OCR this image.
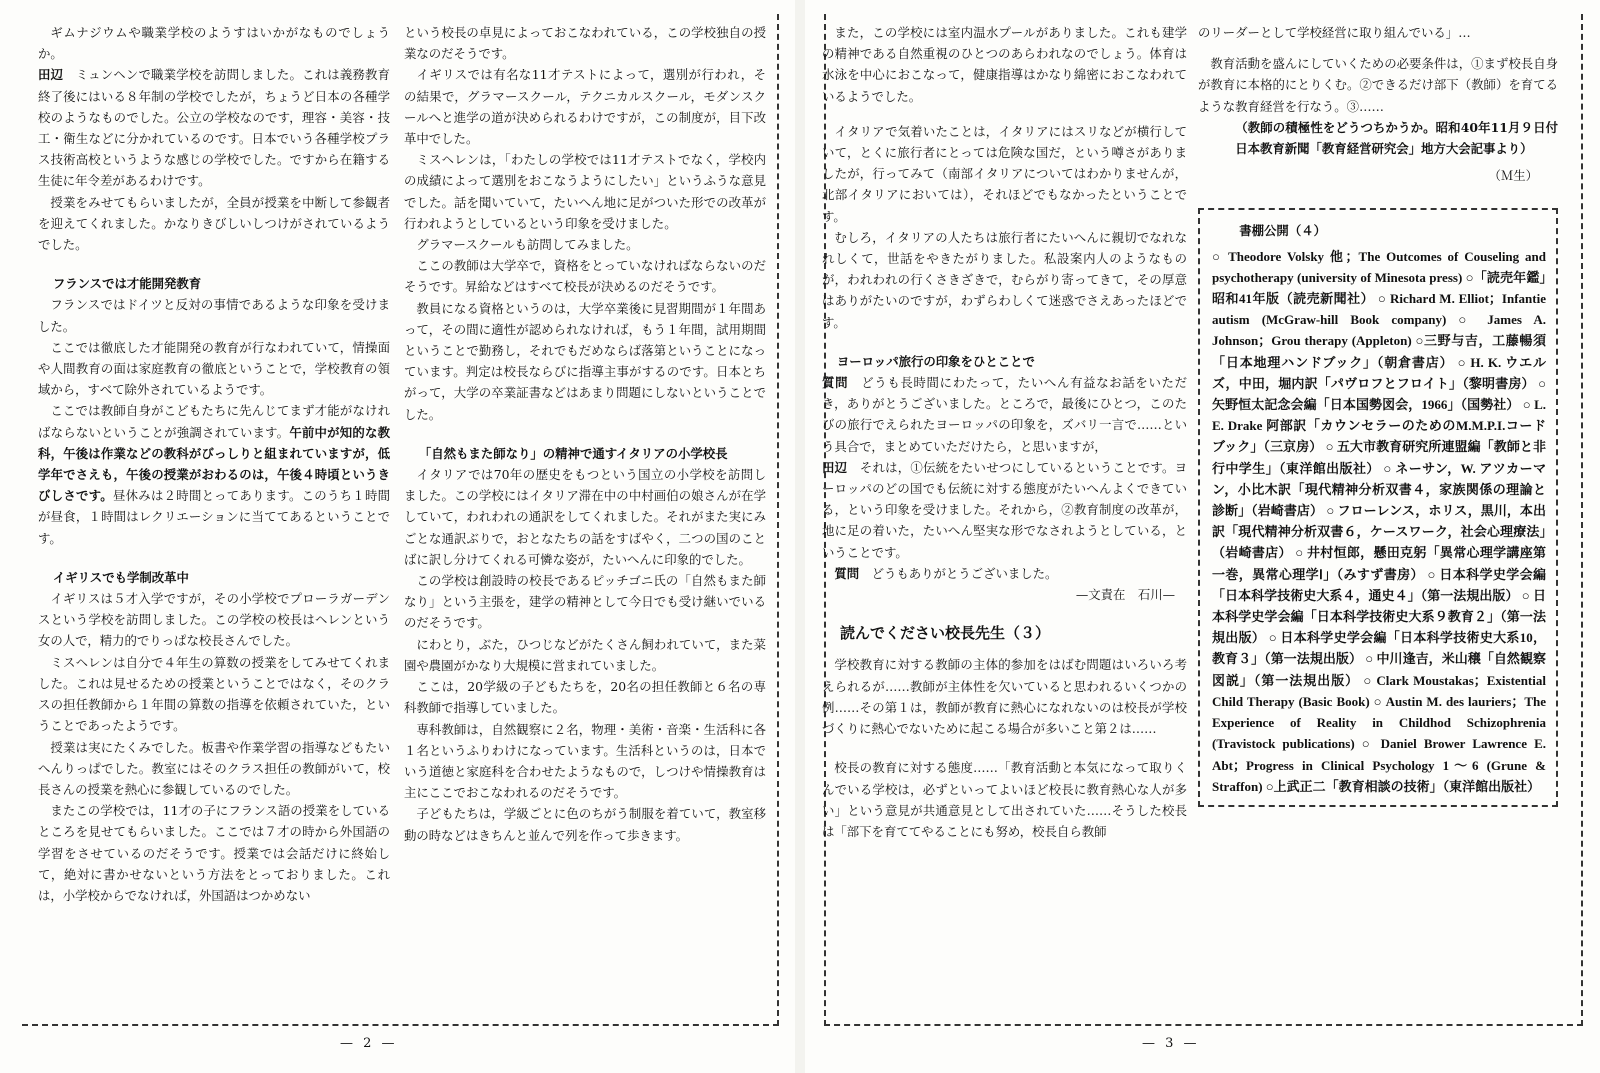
ギムナジウムや職業学校のようすはいかがなものでしょうか。

田辺　 ミュンヘンで職業学校を訪問しました。これは義務教育終了後にはいる８年制の学校でしたが，ちょうど日本の各種学校のようなものでした。公立の学校なのです，理容・美容・技工・衛生などに分かれているのです。日本でいう各種学校プラス技術高校というような感じの学校でした。ですから在籍する生徒に年令差があるわけです。

授業をみせてもらいましたが，全員が授業を中断して参観者を迎えてくれました。かなりきびしいしつけがされているようでした。

フランスでは才能開発教育

フランスではドイツと反対の事情であるような印象を受けました。

ここでは徹底した才能開発の教育が行なわれていて，情操面や人間教育の面は家庭教育の徹底ということで，学校教育の領域から，すべて除外されているようです。

ここでは教師自身がこどもたちに先んじてまず才能がなければならないということが強調されています。午前中が知的な教科，午後は作業などの教科がびっしりと組まれていますが，低学年でさえも，午後の授業がおわるのは，午後４時頃というきびしさです。昼休みは２時間とってあります。このうち１時間が昼食，１時間はレクリエーションに当ててあるということです。

イギリスでも学制改革中

イギリスは５才入学ですが，その小学校でプローラガーデンスという学校を訪問しました。この学校の校長はヘレンという女の人で，精力的でりっぱな校長さんでした。

ミスヘレンは自分で４年生の算数の授業をしてみせてくれました。これは見せるための授業ということではなく，そのクラスの担任教師から１年間の算数の指導を依頼されていた，ということであったようです。

授業は実にたくみでした。板書や作業学習の指導などもたいへんりっぱでした。教室にはそのクラス担任の教師がいて，校長さんの授業を熱心に参観しているのでした。

またこの学校では，11才の子にフランス語の授業をしているところを見せてもらいました。ここでは７才の時から外国語の学習をさせているのだそうです。授業では会話だけに終始して，絶対に書かせないという方法をとっておりました。これは，小学校からでなければ，外国語はつかめない

という校長の卓見によっておこなわれている，この学校独自の授業なのだそうです。

イギリスでは有名な11才テストによって，選別が行われ，その結果で，グラマースクール，テクニカルスクール，モダンスクールへと進学の道が決められるわけですが，この制度が，目下改革中でした。

ミスヘレンは，「わたしの学校では11才テストでなく，学校内の成績によって選別をおこなうようにしたい」というふうな意見でした。話を聞いていて，たいへん地に足がついた形での改革が行われようとしているという印象を受けました。

グラマースクールも訪問してみました。

ここの教師は大学卒で，資格をとっていなければならないのだそうです。昇給などはすべて校長が決めるのだそうです。

教員になる資格というのは，大学卒業後に見習期間が１年間あって，その間に適性が認められなければ，もう１年間，試用期間ということで勤務し，それでもだめならば落第ということになっています。判定は校長ならびに指導主事がするのです。日本とちがって，大学の卒業証書などはあまり問題にしないということでした。

「自然もまた師なり」の精神で通すイタリアの小学校長

イタリアでは70年の歴史をもつという国立の小学校を訪問しました。この学校にはイタリア滞在中の中村画伯の娘さんが在学していて，われわれの通訳をしてくれました。それがまた実にみごとな通訳ぶりで，おとなたちの話をすばやく，二つの国のことばに訳し分けてくれる可憐な姿が，たいへんに印象的でした。

この学校は創設時の校長であるピッチゴニ氏の「自然もまた師なり」という主張を，建学の精神として今日でも受け継いでいるのだそうです。

にわとり，ぶた，ひつじなどがたくさん飼われていて，また菜園や農園がかなり大規模に営まれていました。

ここは，20学級の子どもたちを，20名の担任教師と６名の専科教師で指導していました。

専科教師は，自然観察に２名，物理・美術・音楽・生活科に各１名というふりわけになっています。生活科というのは，日本でいう道徳と家庭科を合わせたようなもので，しつけや情操教育は主にここでおこなわれるのだそうです。

子どもたちは，学級ごとに色のちがう制服を着ていて，教室移動の時などはきちんと並んで列を作って歩きます。

— 2 —

また，この学校には室内温水プールがありました。これも建学の精神である自然重視のひとつのあらわれなのでしょう。体育は水泳を中心におこなって，健康指導はかなり綿密におこなわれているようでした。

イタリアで気着いたことは，イタリアにはスリなどが横行していて，とくに旅行者にとっては危険な国だ，という噂さがありましたが，行ってみて（南部イタリアについてはわかりませんが，北部イタリアにおいては），それほどでもなかったということです。

むしろ，イタリアの人たちは旅行者にたいへんに親切でなれなれしくて，世話をやきたがりました。私設案内人のようなものが，われわれの行くさきざきで，むらがり寄ってきて，その厚意はありがたいのですが，わずらわしくて迷惑でさえあったほどです。

ヨーロッパ旅行の印象をひとことで

質問　 どうも長時間にわたって，たいへん有益なお話をいただき，ありがとうございました。ところで，最後にひとつ，このたびの旅行でえられたヨーロッパの印象を，ズバリ一言で……という具合で，まとめていただけたら，と思いますが，

田辺　 それは，①伝統をたいせつにしているということです。ヨーロッパのどの国でも伝統に対する態度がたいへんよくできている，という印象を受けました。それから，②教育制度の改革が，地に足の着いた，たいへん堅実な形でなされようとしている，ということです。

質問　 どうもありがとうございました。

—文責在　石川—

読んでください校長先生（３）

学校教育に対する教師の主体的参加をはばむ問題はいろいろ考えられるが……教師が主体性を欠いていると思われるいくつかの例……その第１は，教師が教育に熱心になれないのは校長が学校づくりに熱心でないために起こる場合が多いこと第２は……

校長の教育に対する態度……「教育活動と本気になって取りくんでいる学校は，必ずといってよいほど校長に教育熱心な人が多い」という意見が共通意見として出されていた……そうした校長は「部下を育ててやることにも努め，校長自ら教師

のリーダーとして学校経営に取り組んでいる」…

教育活動を盛んにしていくための必要条件は，①まず校長自身が教育に本格的にとりくむ。②できるだけ部下（教師）を育てるような教育経営を行なう。③……

（教師の積極性をどうつちかうか。昭和40年11月９日付日本教育新聞「教育経営研究会」地方大会記事より）

（Ｍ生）

書棚公開（４）

○ Theodore Volsky 他；The Outcomes of Couseling and psychotherapy (university of Minesota press) ○「読売年鑑」昭和41年版（読売新聞社） ○ Richard M. Elliot；Infantie autism (McGraw-hill Book company) ○ James A. Johnson；Grou therapy (Appleton) ○三野与吉，工藤暢須「日本地理ハンドブック」（朝倉書店） ○ H. K. ウエルズ，中田，堀内訳「パヴロフとフロイト」（黎明書房） ○ 矢野恒太記念会編「日本国勢図会，1966」（国勢社） ○ L. E. Drake 阿部訳「カウンセラーのためのM.M.P.I.コードブック」（三京房） ○ 五大市教育研究所連盟編「教師と非行中学生」（東洋館出版社） ○ ネーサン，W. アツカーマン，小比木訳「現代精神分析双書４，家族関係の理論と診断」（岩崎書店） ○ フローレンス，ホリス，黒川，本出訳「現代精神分析双書６，ケースワーク，社会心理療法」（岩崎書店） ○ 井村恒郎，懸田克躬「異常心理学講座第一巻，異常心理学Ⅰ」（みすず書房） ○ 日本科学史学会編「日本科学技術史大系４，通史４」（第一法規出版） ○ 日本科学史学会編「日本科学技術史大系９教育２」（第一法規出版） ○ 日本科学史学会編「日本科学技術史大系10，教育３」（第一法規出版） ○ 中川逢吉，米山穣「自然観察図説」（第一法規出版） ○ Clark Moustakas；Existential Child Therapy (Basic Book) ○ Austin M. des lauriers；The Experience of Reality in Childhod Schizophrenia (Travistock publications) ○ Daniel Brower Lawrence E. Abt；Progress in Clinical Psychology 1～6 (Grune & Straffon) ○上武正二「教育相談の技術」（東洋館出版社）

— 3 —
